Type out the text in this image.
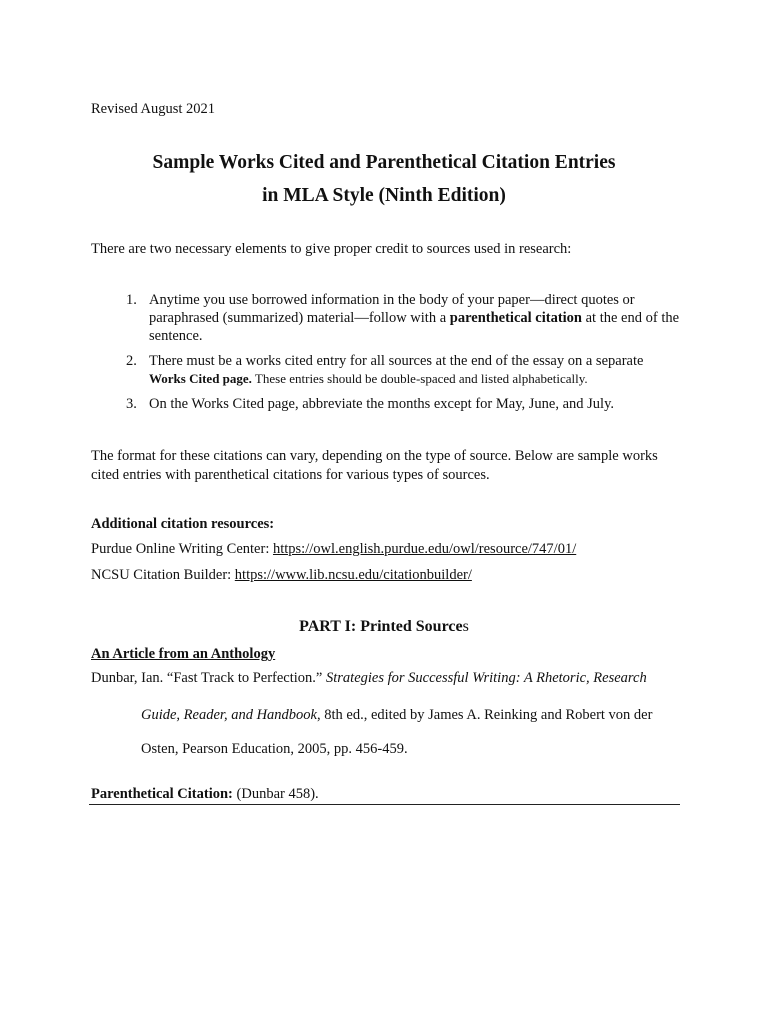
Revised August 2021
Sample Works Cited and Parenthetical Citation Entries
in MLA Style (Ninth Edition)
There are two necessary elements to give proper credit to sources used in research:
1. Anytime you use borrowed information in the body of your paper—direct quotes or paraphrased (summarized) material—follow with a parenthetical citation at the end of the sentence.
2. There must be a works cited entry for all sources at the end of the essay on a separate Works Cited page. These entries should be double-spaced and listed alphabetically.
3. On the Works Cited page, abbreviate the months except for May, June, and July.
The format for these citations can vary, depending on the type of source. Below are sample works cited entries with parenthetical citations for various types of sources.
Additional citation resources:
Purdue Online Writing Center: https://owl.english.purdue.edu/owl/resource/747/01/
NCSU Citation Builder: https://www.lib.ncsu.edu/citationbuilder/
PART I: Printed Sources
An Article from an Anthology
Dunbar, Ian. “Fast Track to Perfection.” Strategies for Successful Writing: A Rhetoric, Research
Guide, Reader, and Handbook, 8th ed., edited by James A. Reinking and Robert von der
Osten, Pearson Education, 2005, pp. 456-459.
Parenthetical Citation: (Dunbar 458).
